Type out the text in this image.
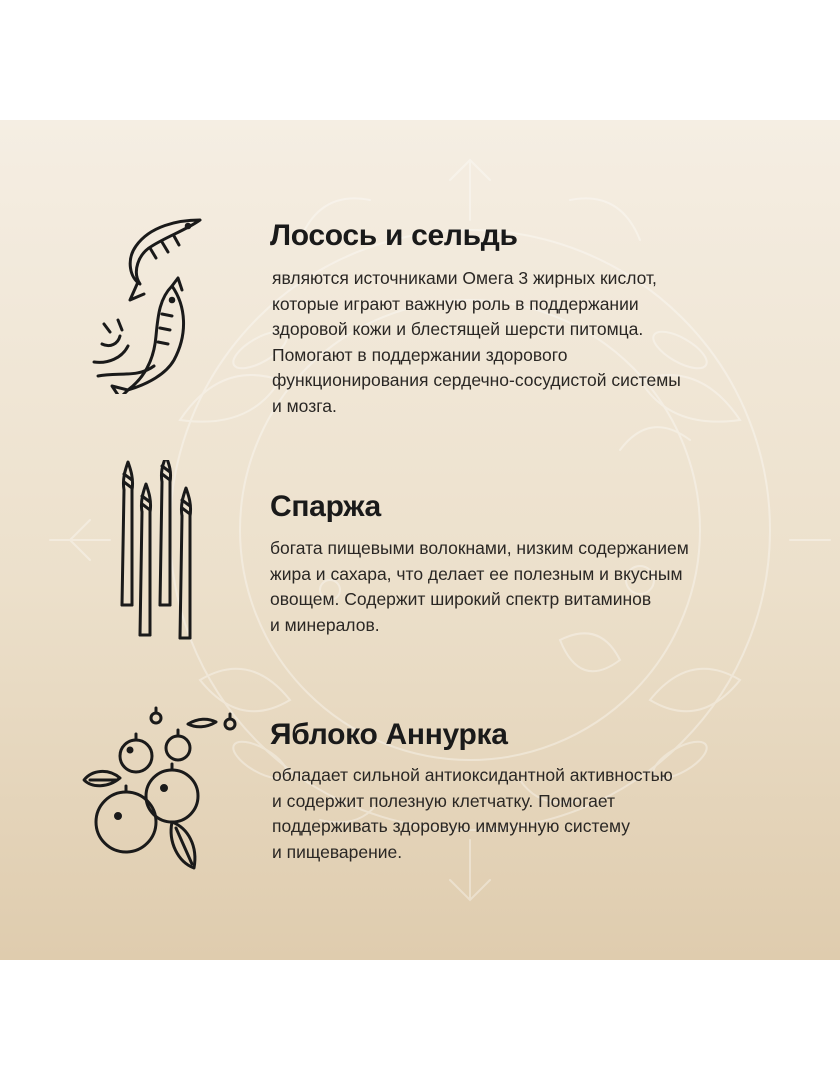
Лосось и сельдь

являются источниками Омега 3 жирных кислот,
которые играют важную роль в поддержании
здоровой кожи и блестящей шерсти питомца.
Помогают в поддержании здорового
функционирования сердечно-сосудистой системы
и мозга.

Спаржа

богата пищевыми волокнами, низким содержанием
жира и сахара, что делает ее полезным и вкусным
овощем. Содержит широкий спектр витаминов
и минералов.

Яблоко Аннурка

обладает сильной антиоксидантной активностью
и содержит полезную клетчатку. Помогает
поддерживать здоровую иммунную систему
и пищеварение.
